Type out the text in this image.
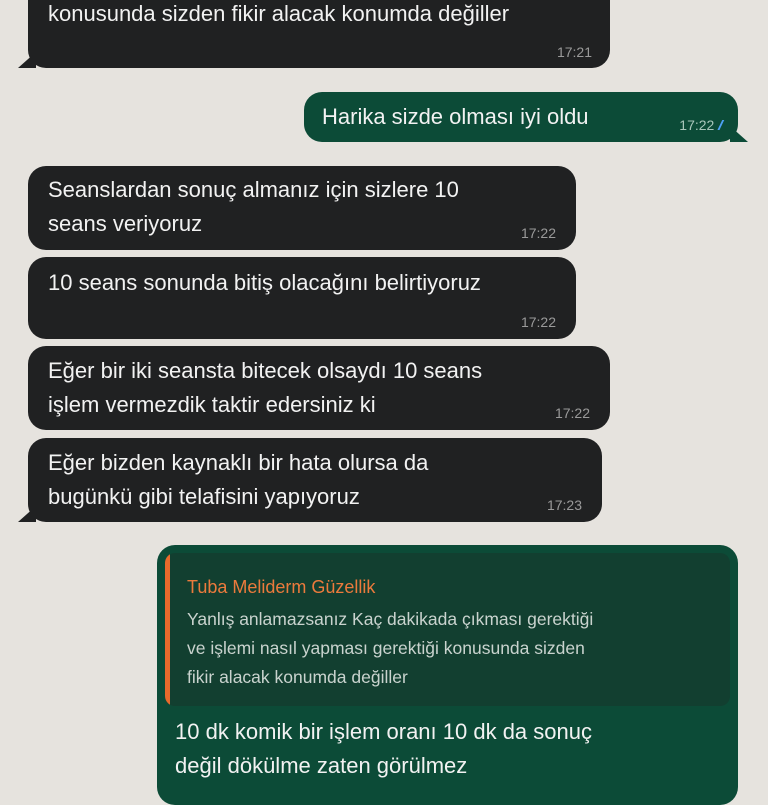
konusunda sizden fikir alacak konumda değiller
17:21
Harika sizde olması iyi oldu	17:22 //
Seanslardan sonuç almanız için sizlere 10
seans veriyoruz	17:22
10 seans sonunda bitiş olacağını belirtiyoruz
17:22
Eğer bir iki seansta bitecek olsaydı 10 seans
işlem vermezdik taktir edersiniz ki	17:22
Eğer bizden kaynaklı bir hata olursa da
bugünkü gibi telafisini yapıyoruz	17:23
Tuba Meliderm Güzellik
Yanlış anlamazsanız Kaç dakikada çıkması gerektiği
ve işlemi nasıl yapması gerektiği konusunda sizden
fikir alacak konumda değiller
10 dk komik bir işlem oranı 10 dk da sonuç
değil dökülme zaten görülmez
